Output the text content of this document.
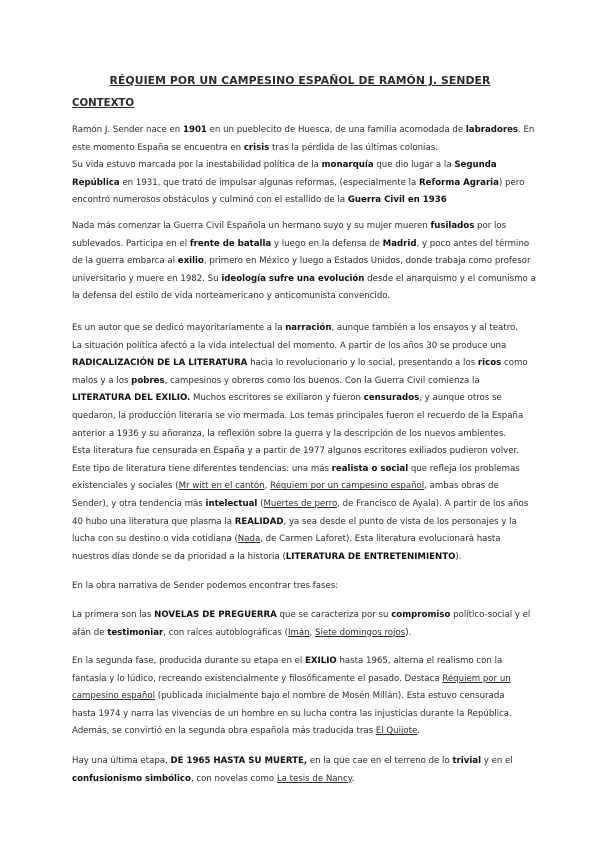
RÉQUIEM POR UN CAMPESINO ESPAÑOL DE RAMÓN J. SENDER
CONTEXTO
Ramón J. Sender nace en 1901 en un pueblecito de Huesca, de una familia acomodada de labradores. En
este momento España se encuentra en crisis tras la pérdida de las últimas colonias.
Su vida estuvo marcada por la inestabilidad política de la monarquía que dio lugar a la Segunda
República en 1931, que trató de impulsar algunas reformas, (especialmente la Reforma Agraria) pero
encontró numerosos obstáculos y culminó con el estallido de la Guerra Civil en 1936
Nada más comenzar la Guerra Civil Española un hermano suyo y su mujer mueren fusilados por los
sublevados. Participa en el frente de batalla y luego en la defensa de Madrid, y poco antes del término
de la guerra embarca al exilio, primero en México y luego a Estados Unidos, donde trabaja como profesor
universitario y muere en 1982. Su ideología sufre una evolución desde el anarquismo y el comunismo a
la defensa del estilo de vida norteamericano y anticomunista convencido.
Es un autor que se dedicó mayoritariamente a la narración, aunque también a los ensayos y al teatro.
La situación política afectó a la vida intelectual del momento. A partir de los años 30 se produce una
RADICALIZACIÓN DE LA LITERATURA hacia lo revolucionario y lo social, presentando a los ricos como
malos y a los pobres, campesinos y obreros como los buenos. Con la Guerra Civil comienza la
LITERATURA DEL EXILIO. Muchos escritores se exiliaron y fueron censurados, y aunque otros se
quedaron, la producción literaria se vio mermada. Los temas principales fueron el recuerdo de la España
anterior a 1936 y su añoranza, la reflexión sobre la guerra y la descripción de los nuevos ambientes.
Esta literatura fue censurada en España y a partir de 1977 algunos escritores exiliados pudieron volver.
Este tipo de literatura tiene diferentes tendencias: una más realista o social que refleja los problemas
existenciales y sociales (Mr witt en el cantón, Réquiem por un campesino español, ambas obras de
Sender), y otra tendencia más intelectual (Muertes de perro, de Francisco de Ayala). A partir de los años
40 hubo una literatura que plasma la REALIDAD, ya sea desde el punto de vista de los personajes y la
lucha con su destino o vida cotidiana (Nada, de Carmen Laforet). Esta literatura evolucionará hasta
nuestros días donde se da prioridad a la historia (LITERATURA DE ENTRETENIMIENTO).
En la obra narrativa de Sender podemos encontrar tres fases:
La primera son las NOVELAS DE PREGUERRA que se caracteriza por su compromiso político-social y el
afán de testimoniar, con raíces autobiográficas (Imán, Siete domingos rojos).
En la segunda fase, producida durante su etapa en el EXILIO hasta 1965, alterna el realismo con la
fantasía y lo lúdico, recreando existencialmente y filosóficamente el pasado. Destaca Réquiem por un
campesino español (publicada inicialmente bajo el nombre de Mosén Millán). Esta estuvo censurada
hasta 1974 y narra las vivencias de un hombre en su lucha contra las injusticias durante la República.
Además, se convirtió en la segunda obra española más traducida tras El Quijote.
Hay una última etapa, DE 1965 HASTA SU MUERTE, en la que cae en el terreno de lo trivial y en el
confusionismo simbólico, con novelas como La tesis de Nancy.
